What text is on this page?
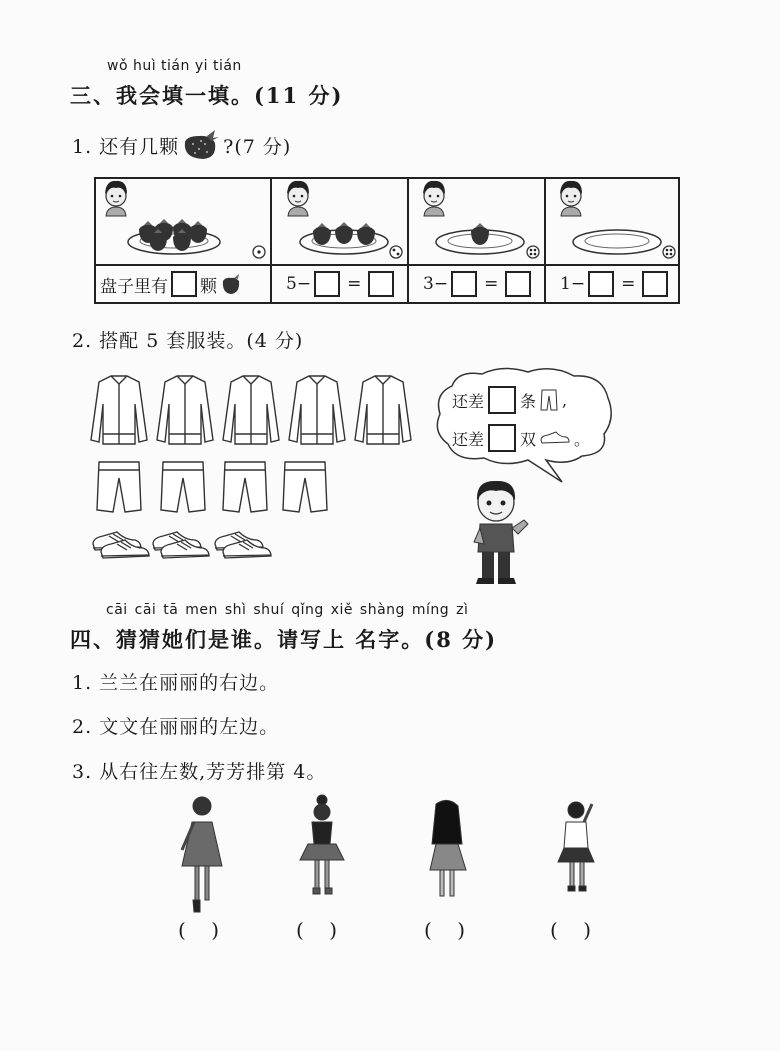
wǒ huì tián yi tián
三、我会填一填。(11 分)
1. 还有几颗 ?(7 分)
盘子里有 颗	5− =	3− =	1− =
2. 搭配 5 套服装。(4 分)
还差 条 ,
还差 双 。
cāi cāi tā men shì shuí qǐng xiě shàng míng zì
四、猜猜她们是谁。请写上 名字。(8 分)
1. 兰兰在丽丽的右边。
2. 文文在丽丽的左边。
3. 从右往左数,芳芳排第 4。
(    )	(    )	(    )	(    )
